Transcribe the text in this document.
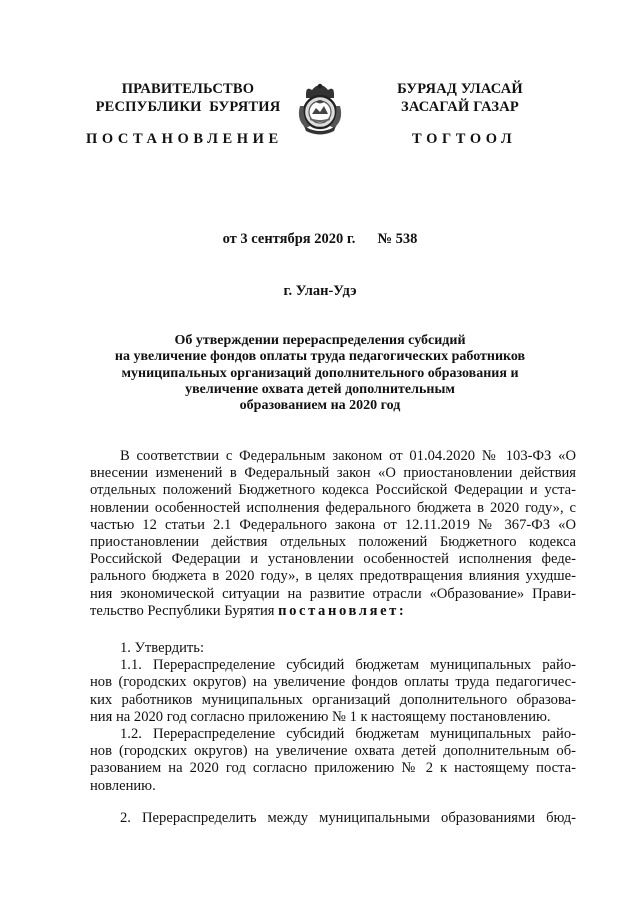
ПРАВИТЕЛЬСТВО
РЕСПУБЛИКИ  БУРЯТИЯ
БУРЯАД УЛАСАЙ
ЗАСАГАЙ ГАЗАР
ПОСТАНОВЛЕНИЕ	ТОГТООЛ
от 3 сентября 2020 г. № 538
г. Улан-Удэ
Об утверждении перераспределения субсидий
на увеличение фондов оплаты труда педагогических работников
муниципальных организаций дополнительного образования и
увеличение охвата детей дополнительным
образованием на 2020 год
В соответствии с Федеральным законом от 01.04.2020 № 103-ФЗ «О
внесении изменений в Федеральный закон «О приостановлении действия
отдельных положений Бюджетного кодекса Российской Федерации и уста-
новлении особенностей исполнения федерального бюджета в 2020 году», с
частью 12 статьи 2.1 Федерального закона от 12.11.2019 № 367-ФЗ «О
приостановлении действия отдельных положений Бюджетного кодекса
Российской Федерации и установлении особенностей исполнения феде-
рального бюджета в 2020 году», в целях предотвращения влияния ухудше-
ния экономической ситуации на развитие отрасли «Образование» Прави-
тельство Республики Бурятия постановляет:
1. Утвердить:
1.1. Перераспределение субсидий бюджетам муниципальных райо-
нов (городских округов) на увеличение фондов оплаты труда педагогичес-
ких работников муниципальных организаций дополнительного образова-
ния на 2020 год согласно приложению № 1 к настоящему постановлению.
1.2. Перераспределение субсидий бюджетам муниципальных райо-
нов (городских округов) на увеличение охвата детей дополнительным об-
разованием на 2020 год согласно приложению № 2 к настоящему поста-
новлению.
2. Перераспределить между муниципальными образованиями бюд-
